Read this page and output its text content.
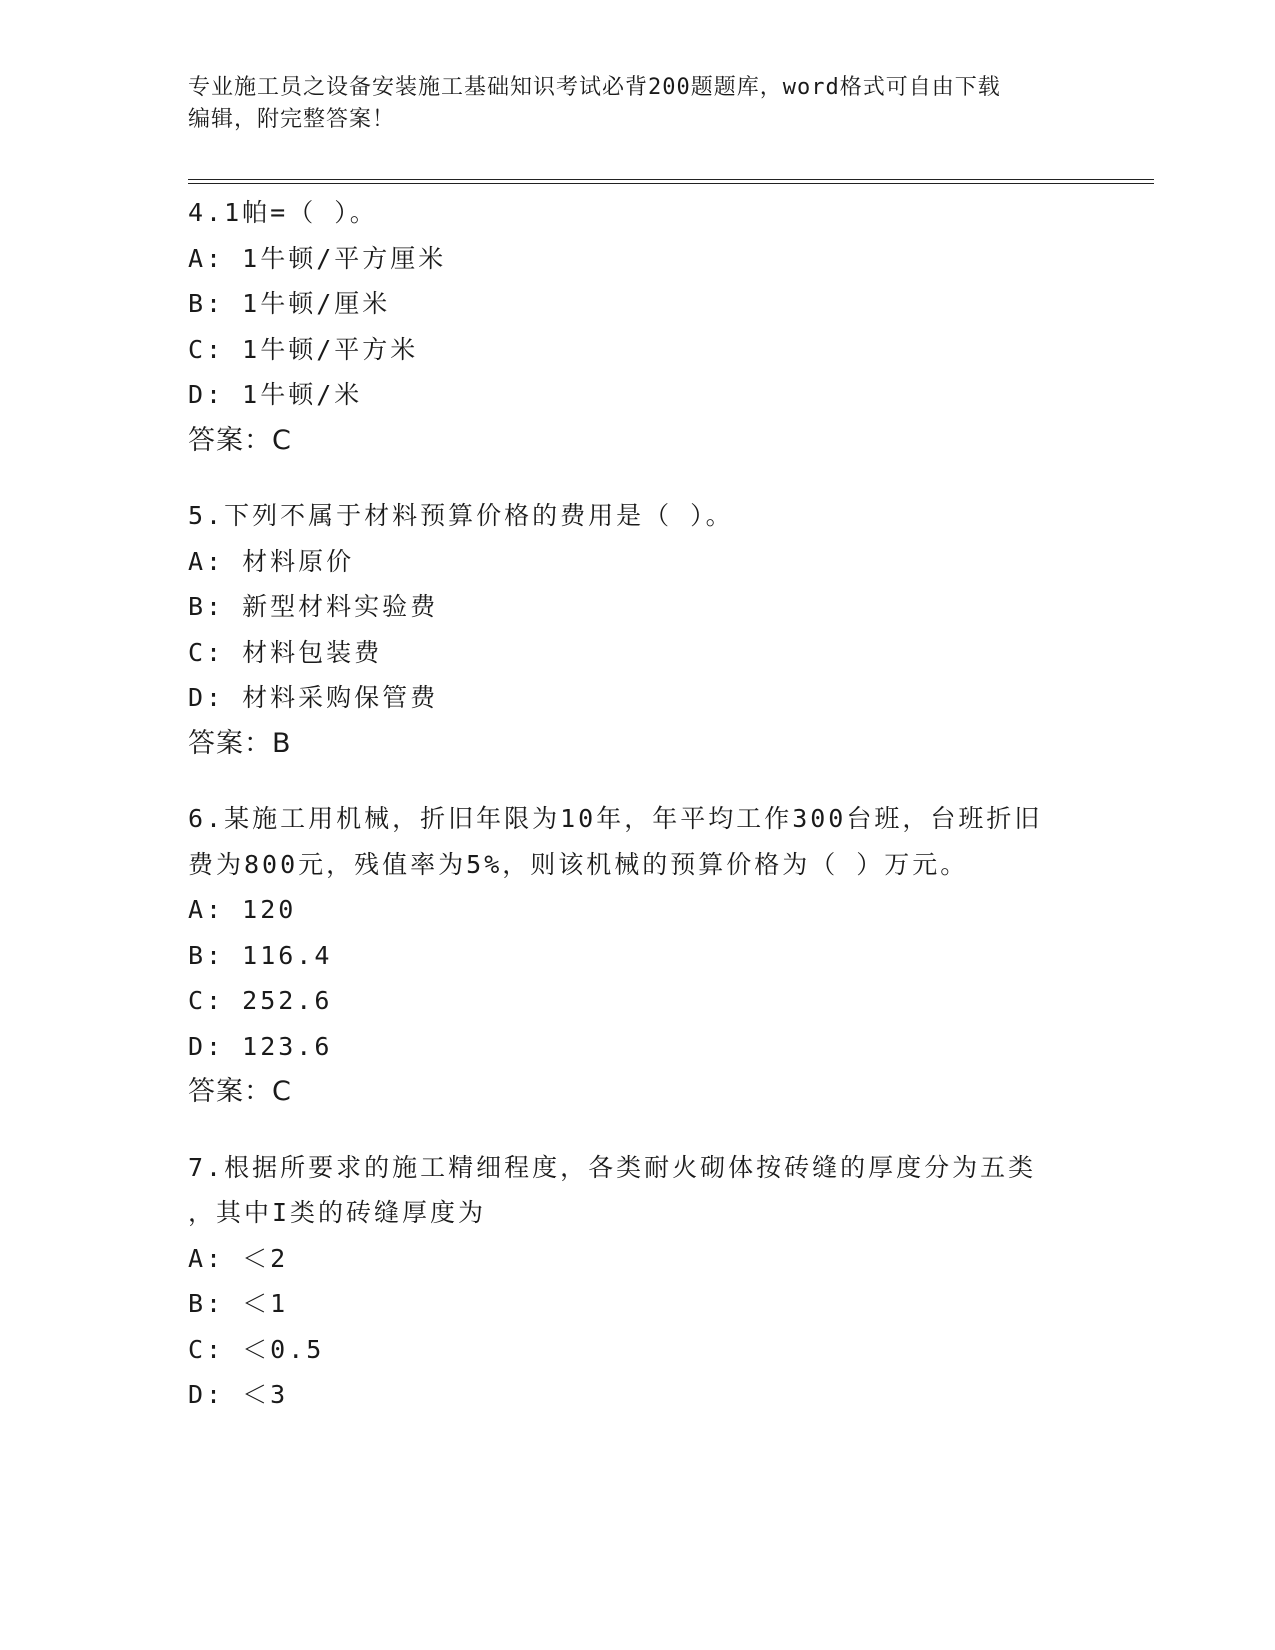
专业施工员之设备安装施工基础知识考试必背200题题库，word格式可自由下载
编辑，附完整答案！
4.1帕=（ ）。
A: 1牛顿/平方厘米
B: 1牛顿/厘米
C: 1牛顿/平方米
D: 1牛顿/米
答案：C
5.下列不属于材料预算价格的费用是（ ）。
A: 材料原价
B: 新型材料实验费
C: 材料包装费
D: 材料采购保管费
答案：B
6.某施工用机械，折旧年限为10年，年平均工作300台班，台班折旧
费为800元，残值率为5%，则该机械的预算价格为（ ）万元。
A: 120
B: 116.4
C: 252.6
D: 123.6
答案：C
7.根据所要求的施工精细程度，各类耐火砌体按砖缝的厚度分为五类
，其中I类的砖缝厚度为
A: ＜2
B: ＜1
C: ＜0.5
D: ＜3
